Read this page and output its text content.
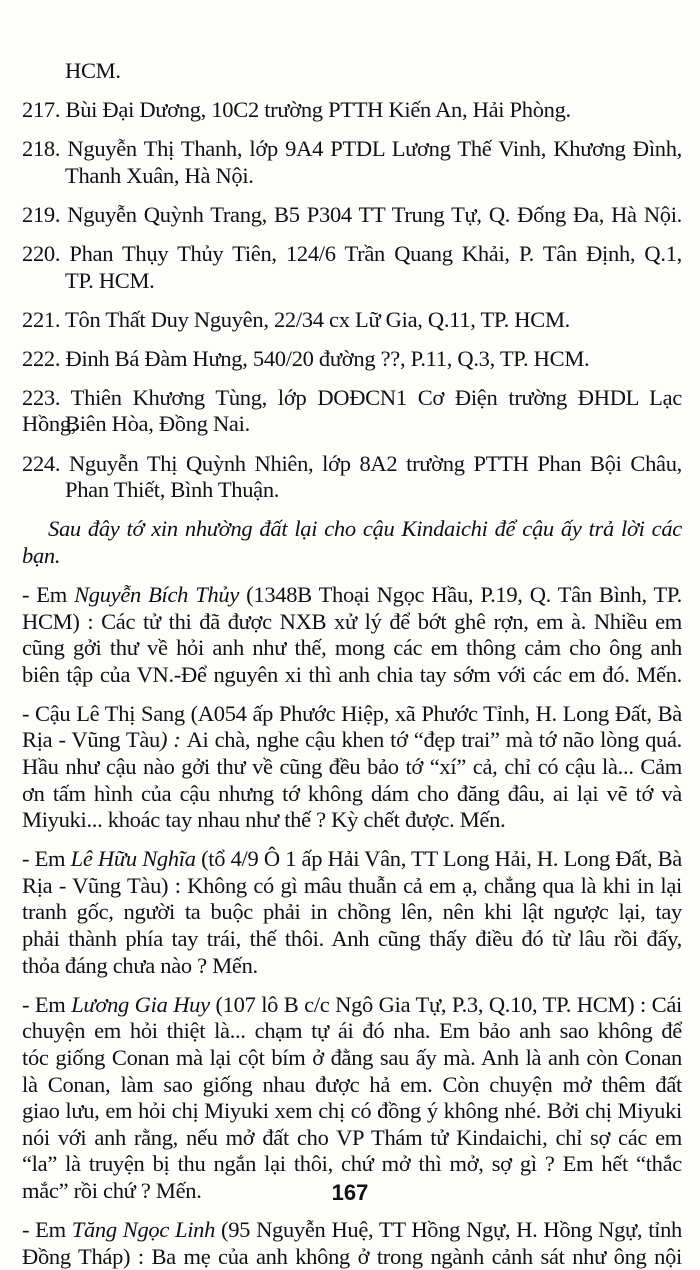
HCM.
217. Bùi Đại Dương, 10C2 trường PTTH Kiến An, Hải Phòng.
218. Nguyễn Thị Thanh, lớp 9A4 PTDL Lương Thế Vinh, Khương Đình,
Thanh Xuân, Hà Nội.
219. Nguyễn Quỳnh Trang, B5 P304 TT Trung Tự, Q. Đống Đa, Hà Nội.
220. Phan Thụy Thủy Tiên, 124/6 Trần Quang Khải, P. Tân Định, Q.1,
TP. HCM.
221. Tôn Thất Duy Nguyên, 22/34 cx Lữ Gia, Q.11, TP. HCM.
222. Đinh Bá Đàm Hưng, 540/20 đường ??, P.11, Q.3, TP. HCM.
223. Thiên Khương Tùng, lớp DOĐCN1 Cơ Điện trường ĐHDL Lạc Hồng,
Biên Hòa, Đồng Nai.
224. Nguyễn Thị Quỳnh Nhiên, lớp 8A2 trường PTTH Phan Bội Châu,
Phan Thiết, Bình Thuận.
Sau đây tớ xin nhường đất lại cho cậu Kindaichi để cậu ấy trả lời các
bạn.
- Em Nguyễn Bích Thủy (1348B Thoại Ngọc Hầu, P.19, Q. Tân Bình, TP.
HCM) : Các tử thi đã được NXB xử lý để bớt ghê rợn, em à. Nhiều em
cũng gởi thư về hỏi anh như thế, mong các em thông cảm cho ông anh
biên tập của VN.-Để nguyên xi thì anh chia tay sớm với các em đó. Mến.
- Cậu Lê Thị Sang (A054 ấp Phước Hiệp, xã Phước Tỉnh, H. Long Đất, Bà
Rịa - Vũng Tàu) : Ai chà, nghe cậu khen tớ “đẹp trai” mà tớ não lòng quá.
Hầu như cậu nào gởi thư về cũng đều bảo tớ “xí” cả, chỉ có cậu là... Cảm
ơn tấm hình của cậu nhưng tớ không dám cho đăng đâu, ai lại vẽ tớ và
Miyuki... khoác tay nhau như thế ? Kỳ chết được. Mến.
- Em Lê Hữu Nghĩa (tổ 4/9 Ô 1 ấp Hải Vân, TT Long Hải, H. Long Đất, Bà
Rịa - Vũng Tàu) : Không có gì mâu thuẫn cả em ạ, chẳng qua là khi in lại
tranh gốc, người ta buộc phải in chồng lên, nên khi lật ngược lại, tay
phải thành phía tay trái, thế thôi. Anh cũng thấy điều đó từ lâu rồi đấy,
thỏa đáng chưa nào ? Mến.
- Em Lương Gia Huy (107 lô B c/c Ngô Gia Tự, P.3, Q.10, TP. HCM) : Cái
chuyện em hỏi thiệt là... chạm tự ái đó nha. Em bảo anh sao không để
tóc giống Conan mà lại cột bím ở đằng sau ấy mà. Anh là anh còn Conan
là Conan, làm sao giống nhau được hả em. Còn chuyện mở thêm đất
giao lưu, em hỏi chị Miyuki xem chị có đồng ý không nhé. Bởi chị Miyuki
nói với anh rằng, nếu mở đất cho VP Thám tử Kindaichi, chỉ sợ các em
“la” là truyện bị thu ngắn lại thôi, chứ mở thì mở, sợ gì ? Em hết “thắc
mắc” rồi chứ ? Mến.
- Em Tăng Ngọc Linh (95 Nguyễn Huệ, TT Hồng Ngự, H. Hồng Ngự, tỉnh
Đồng Tháp) : Ba mẹ của anh không ở trong ngành cảnh sát như ông nội
167
